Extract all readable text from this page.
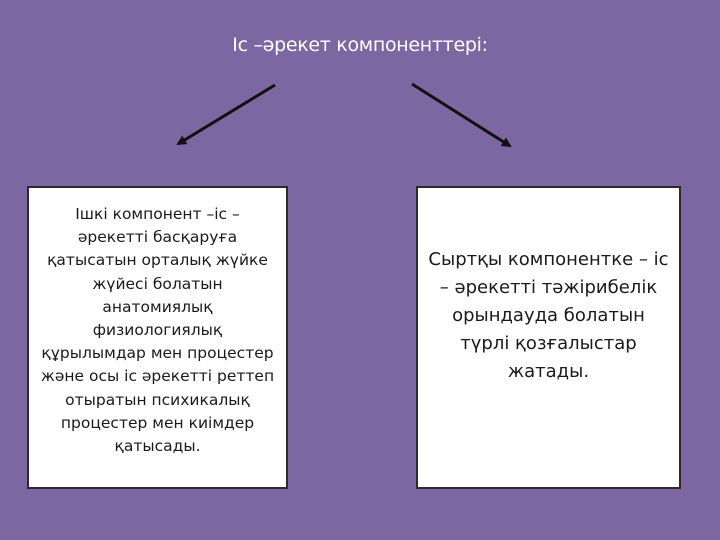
Іс –әрекет компоненттері:
Ішкі компонент –іс – әрекетті басқаруға қатысатын орталық жүйке жүйесі болатын анатомиялық физиологиялық құрылымдар мен процестер және осы іс әрекетті реттеп отыратын психикалық процестер мен киімдер қатысады.
Сыртқы компонентке – іс – әрекетті тәжірибелік орындауда болатын түрлі қозғалыстар жатады.
